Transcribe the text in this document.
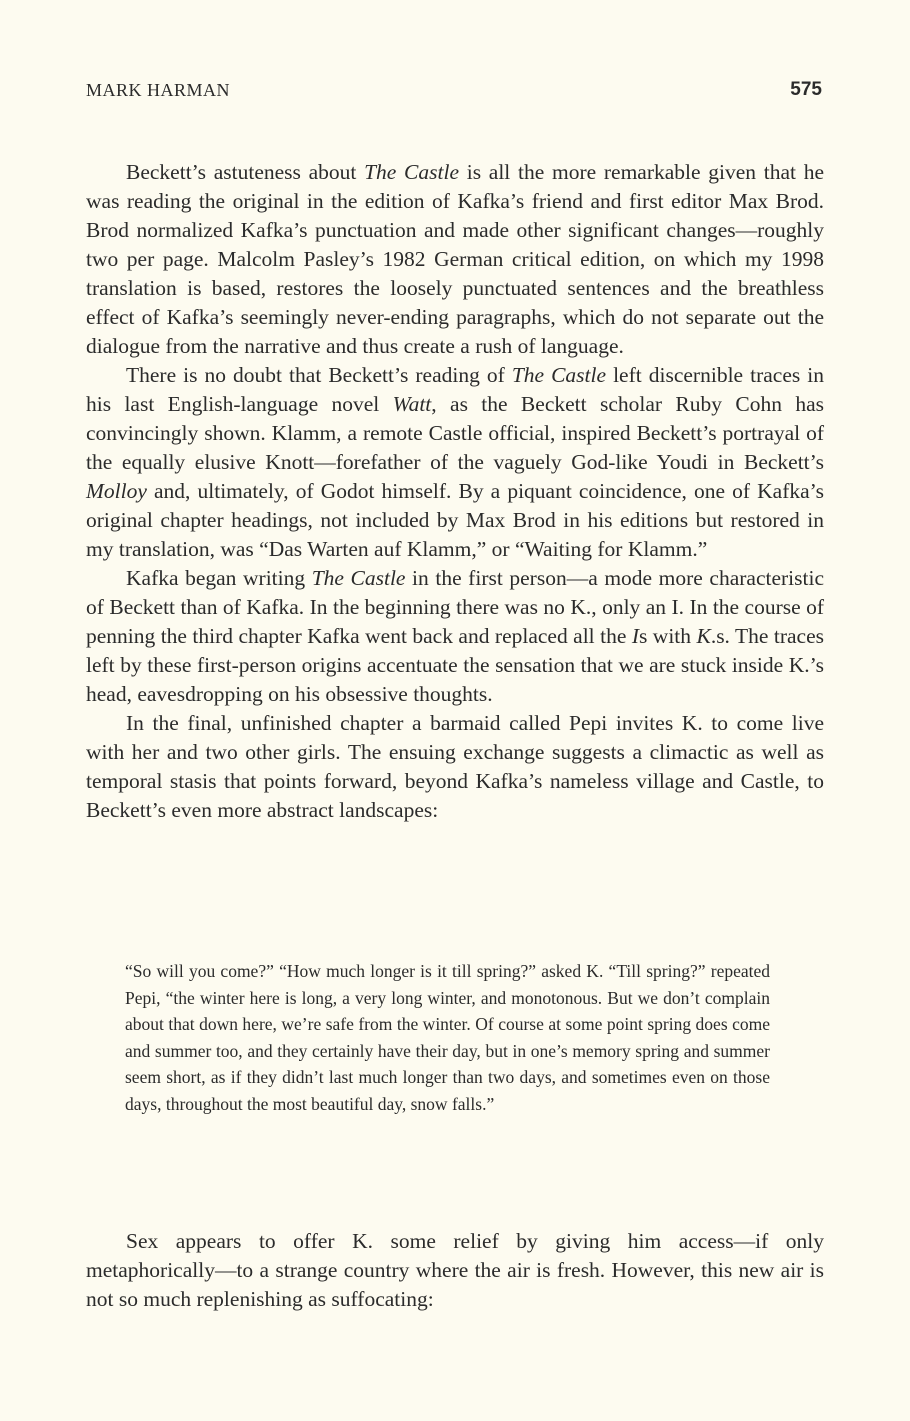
MARK HARMAN	575

Beckett’s astuteness about The Castle is all the more remarkable given that he was reading the original in the edition of Kafka’s friend and first editor Max Brod. Brod normalized Kafka’s punctuation and made other significant changes—roughly two per page. Malcolm Pasley’s 1982 German critical edition, on which my 1998 translation is based, restores the loosely punctuated sentences and the breathless effect of Kafka’s seemingly never-ending paragraphs, which do not separate out the dialogue from the narrative and thus create a rush of language.

There is no doubt that Beckett’s reading of The Castle left discernible traces in his last English-language novel Watt, as the Beckett scholar Ruby Cohn has convincingly shown. Klamm, a remote Castle official, inspired Beckett’s portrayal of the equally elusive Knott—forefather of the vaguely God-like Youdi in Beckett’s Molloy and, ultimately, of Godot himself. By a piquant coincidence, one of Kafka’s original chapter headings, not included by Max Brod in his editions but restored in my translation, was “Das Warten auf Klamm,” or “Waiting for Klamm.”

Kafka began writing The Castle in the first person—a mode more characteristic of Beckett than of Kafka. In the beginning there was no K., only an I. In the course of penning the third chapter Kafka went back and replaced all the Is with K.s. The traces left by these first-person origins accentuate the sensation that we are stuck inside K.’s head, eavesdropping on his obsessive thoughts.

In the final, unfinished chapter a barmaid called Pepi invites K. to come live with her and two other girls. The ensuing exchange suggests a climactic as well as temporal stasis that points forward, beyond Kafka’s nameless village and Castle, to Beckett’s even more abstract landscapes:

“So will you come?” “How much longer is it till spring?” asked K. “Till spring?” repeated Pepi, “the winter here is long, a very long winter, and monotonous. But we don’t complain about that down here, we’re safe from the winter. Of course at some point spring does come and summer too, and they certainly have their day, but in one’s memory spring and summer seem short, as if they didn’t last much longer than two days, and sometimes even on those days, throughout the most beautiful day, snow falls.”

Sex appears to offer K. some relief by giving him access—if only metaphorically—to a strange country where the air is fresh. However, this new air is not so much replenishing as suffocating:
